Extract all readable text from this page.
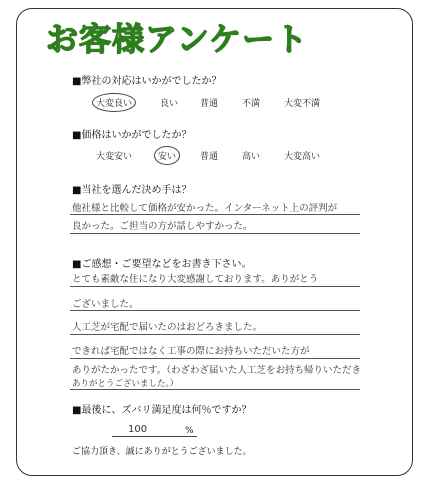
お客様アンケート
■弊社の対応はいかがでしたか？
大変良い	良い 普通	不満	大変不満
■価格はいかがでしたか？
大変安い	安い	普通	高い	大変高い
■当社を選んだ決め手は？
他社様と比較して価格が安かった。インターネット上の評判が
良かった。ご担当の方が話しやすかった。
■ご感想・ご要望などをお書き下さい。
とても素敵な住になり大変感謝しております。ありがとう
ございました。
人工芝が宅配で届いたのはおどろきました。
できれば宅配ではなく工事の際にお持ちいただいた方が
ありがたかったです。（わざわざ届いた人工芝をお持ち帰りいただき
ありがとうございました。）
■最後に、ズバリ満足度は何％ですか？
100	%
ご協力頂き、誠にありがとうございました。
